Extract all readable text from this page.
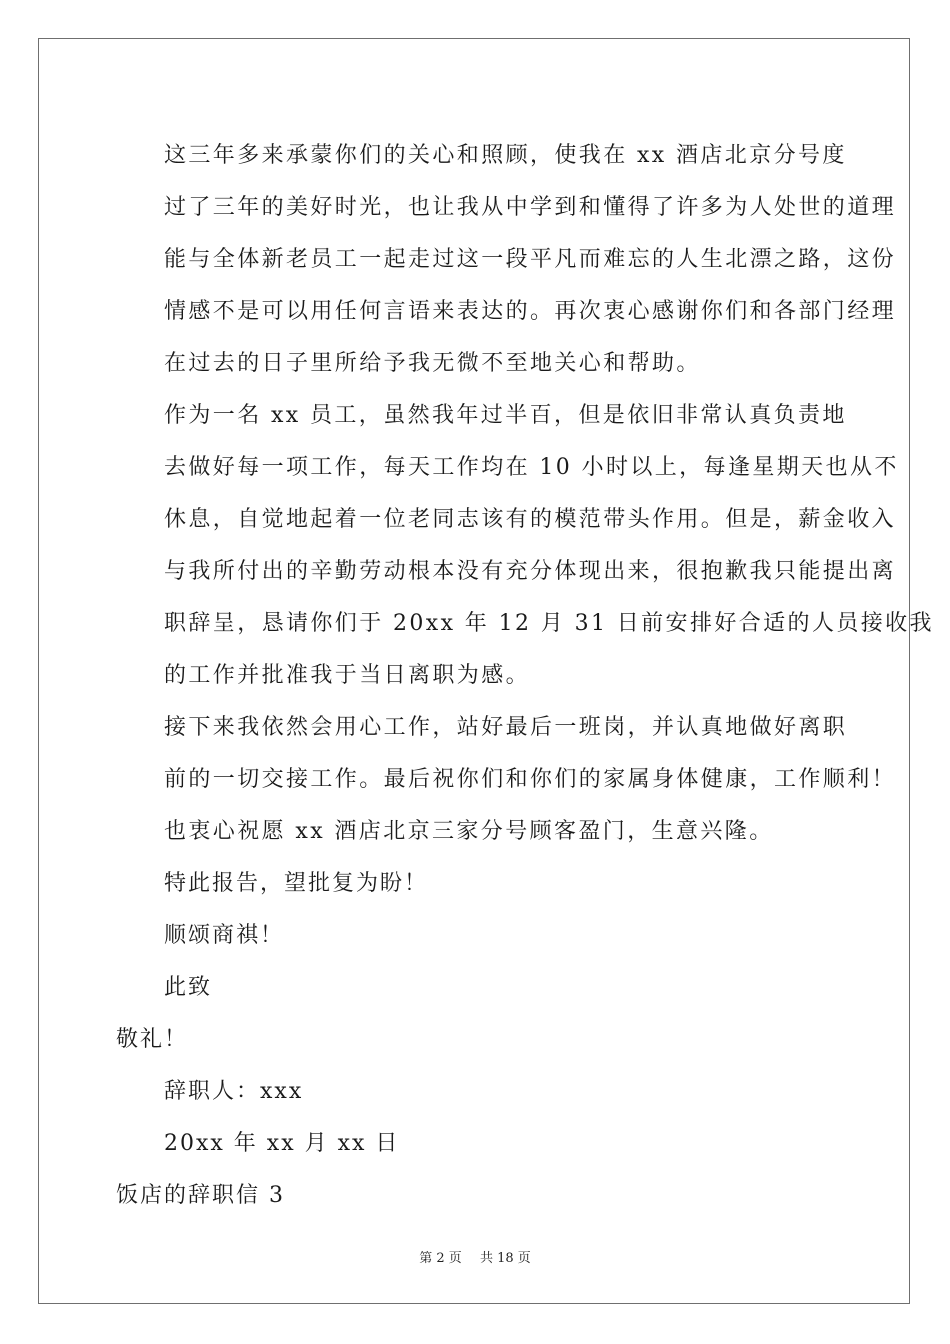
这三年多来承蒙你们的关心和照顾，使我在 xx 酒店北京分号度
过了三年的美好时光，也让我从中学到和懂得了许多为人处世的道理
能与全体新老员工一起走过这一段平凡而难忘的人生北漂之路，这份
情感不是可以用任何言语来表达的。再次衷心感谢你们和各部门经理
在过去的日子里所给予我无微不至地关心和帮助。

作为一名 xx 员工，虽然我年过半百，但是依旧非常认真负责地
去做好每一项工作，每天工作均在 10 小时以上，每逢星期天也从不
休息，自觉地起着一位老同志该有的模范带头作用。但是，薪金收入
与我所付出的辛勤劳动根本没有充分体现出来，很抱歉我只能提出离
职辞呈，恳请你们于 20xx 年 12 月 31 日前安排好合适的人员接收我
的工作并批准我于当日离职为感。

接下来我依然会用心工作，站好最后一班岗，并认真地做好离职
前的一切交接工作。最后祝你们和你们的家属身体健康，工作顺利！
也衷心祝愿 xx 酒店北京三家分号顾客盈门，生意兴隆。

特此报告，望批复为盼！

顺颂商祺！

此致

敬礼！

辞职人：xxx

20xx 年 xx 月 xx 日

饭店的辞职信 3

第 2 页 共 18 页
